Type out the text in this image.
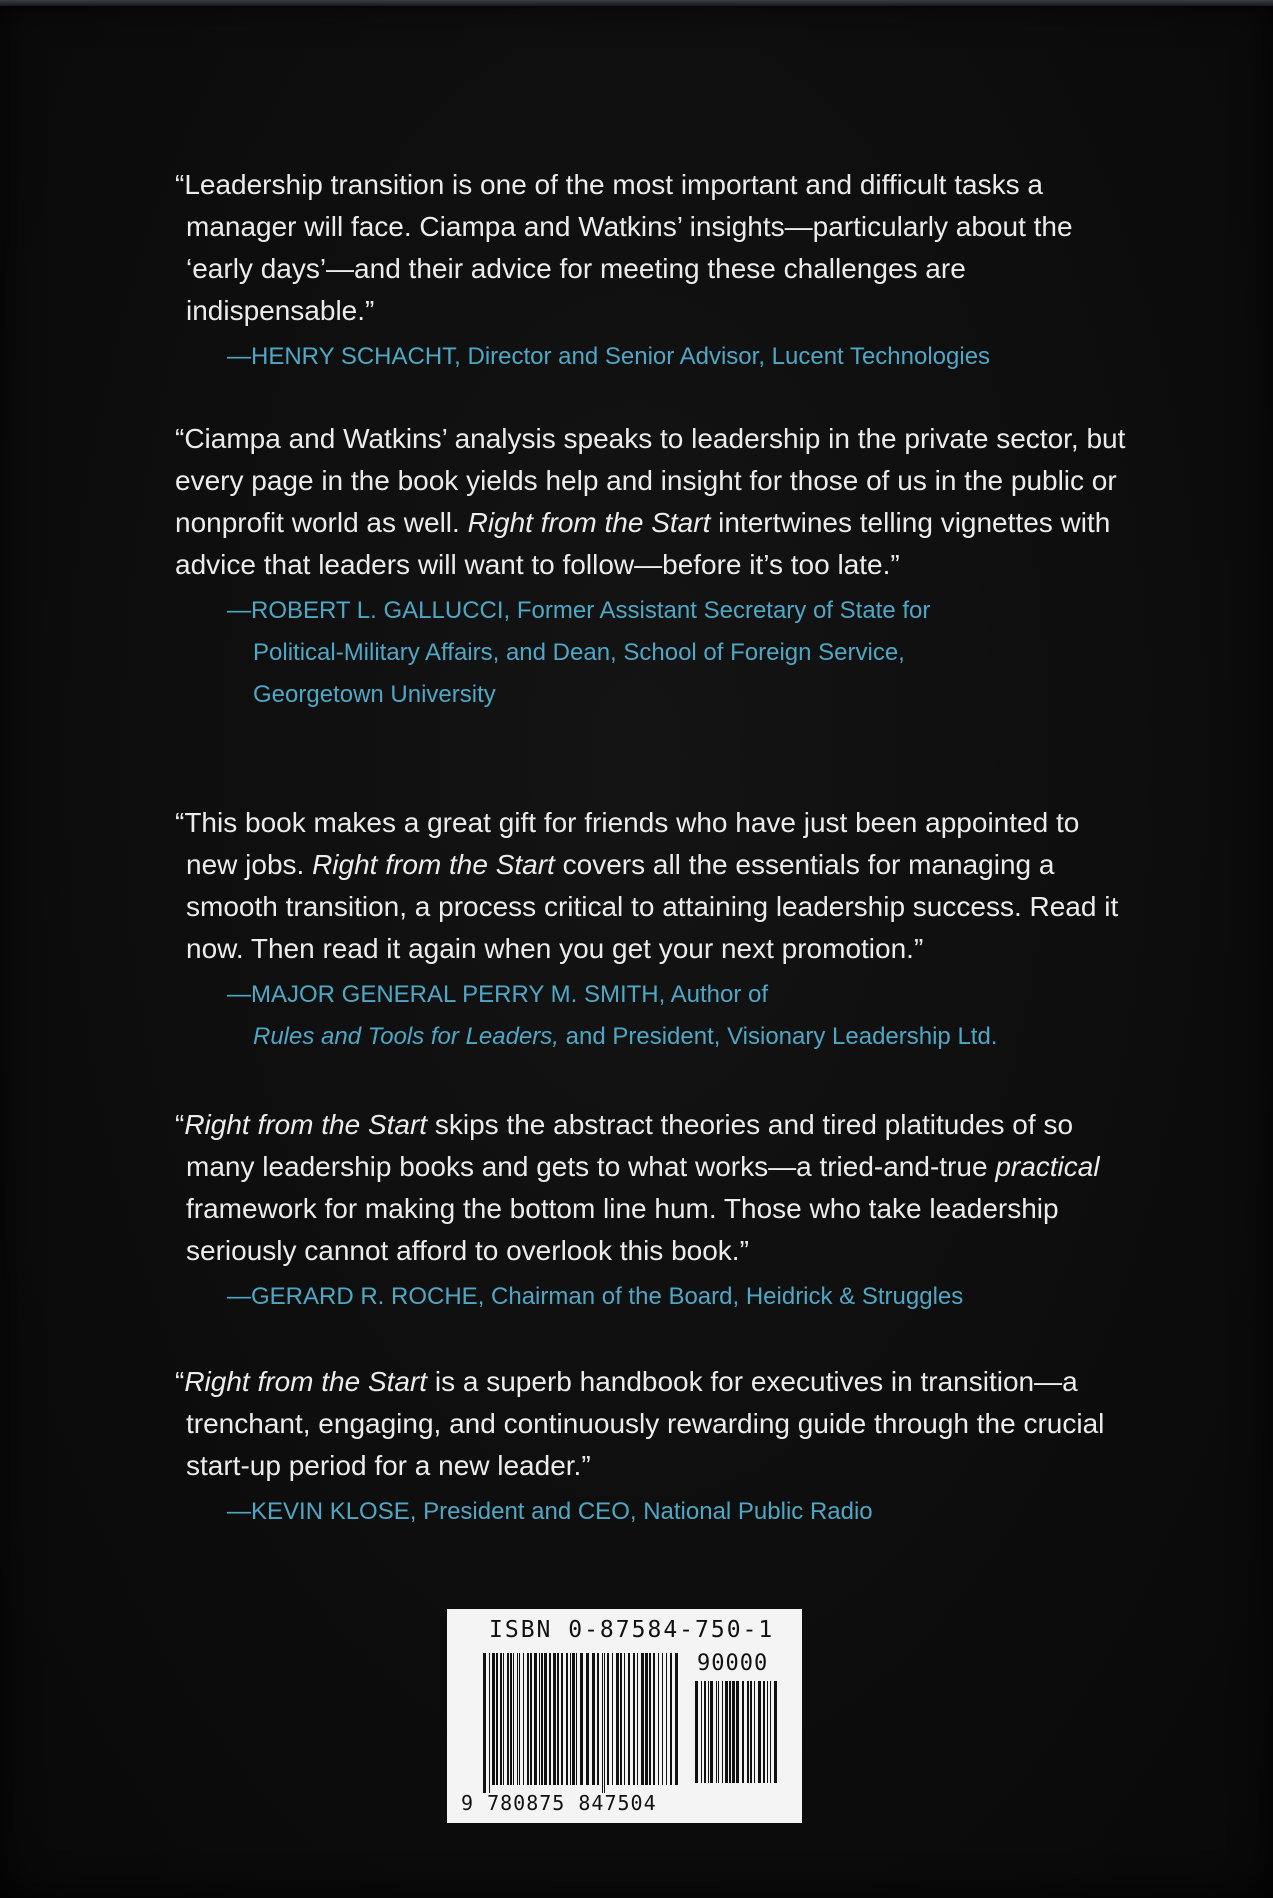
“Leadership transition is one of the most important and difficult tasks a manager will face. Ciampa and Watkins’ insights—particularly about the ‘early days’—and their advice for meeting these challenges are indispensable.”

—HENRY SCHACHT, Director and Senior Advisor, Lucent Technologies

“Ciampa and Watkins’ analysis speaks to leadership in the private sector, but every page in the book yields help and insight for those of us in the public or nonprofit world as well. Right from the Start intertwines telling vignettes with advice that leaders will want to follow—before it’s too late.”

—ROBERT L. GALLUCCI, Former Assistant Secretary of State for
Political-Military Affairs, and Dean, School of Foreign Service,
Georgetown University

“This book makes a great gift for friends who have just been appointed to new jobs. Right from the Start covers all the essentials for managing a smooth transition, a process critical to attaining leadership success. Read it now. Then read it again when you get your next promotion.”

—MAJOR GENERAL PERRY M. SMITH, Author of
Rules and Tools for Leaders, and President, Visionary Leadership Ltd.

“Right from the Start skips the abstract theories and tired platitudes of so many leadership books and gets to what works—a tried-and-true practical framework for making the bottom line hum. Those who take leadership seriously cannot afford to overlook this book.”

—GERARD R. ROCHE, Chairman of the Board, Heidrick & Struggles

“Right from the Start is a superb handbook for executives in transition—a trenchant, engaging, and continuously rewarding guide through the crucial start-up period for a new leader.”

—KEVIN KLOSE, President and CEO, National Public Radio
ISBN 0-87584-750-1
90000
9 780875 847504
